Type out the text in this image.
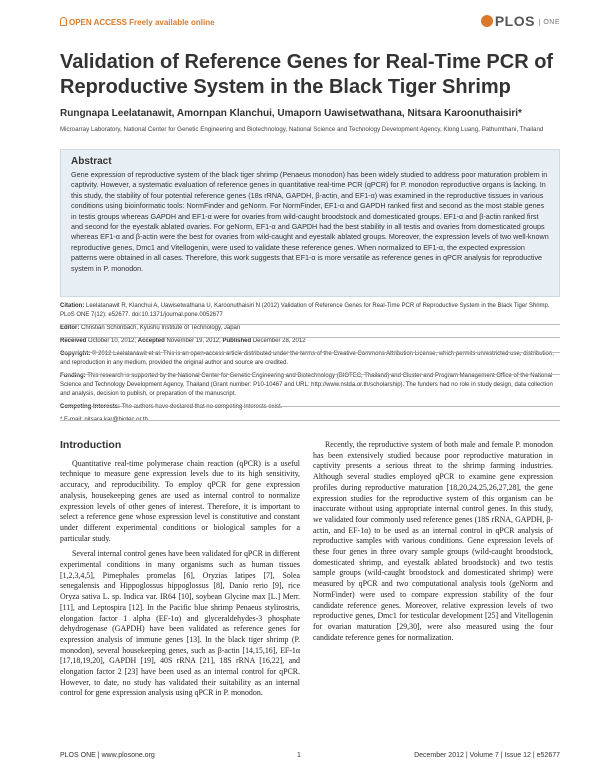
OPEN ACCESS Freely available online	PLOS ONE
Validation of Reference Genes for Real-Time PCR of Reproductive System in the Black Tiger Shrimp
Rungnapa Leelatanawit, Amornpan Klanchui, Umaporn Uawisetwathana, Nitsara Karoonuthaisiri*
Microarray Laboratory, National Center for Genetic Engineering and Biotechnology, National Science and Technology Development Agency, Klong Luang, Pathumthani, Thailand
Abstract

Gene expression of reproductive system of the black tiger shrimp (Penaeus monodon) has been widely studied to address poor maturation problem in captivity. However, a systematic evaluation of reference genes in quantitative real-time PCR (qPCR) for P. monodon reproductive organs is lacking. In this study, the stability of four potential reference genes (18s rRNA, GAPDH, β-actin, and EF1-α) was examined in the reproductive tissues in various conditions using bioinformatic tools: NormFinder and geNorm. For NormFinder, EF1-α and GAPDH ranked first and second as the most stable genes in testis groups whereas GAPDH and EF1-α were for ovaries from wild-caught broodstock and domesticated groups. EF1-α and β-actin ranked first and second for the eyestalk ablated ovaries. For geNorm, EF1-α and GAPDH had the best stability in all testis and ovaries from domesticated groups whereas EF1-α and β-actin were the best for ovaries from wild-caught and eyestalk ablated groups. Moreover, the expression levels of two well-known reproductive genes, Dmc1 and Vitellogenin, were used to validate these reference genes. When normalized to EF1-α, the expected expression patterns were obtained in all cases. Therefore, this work suggests that EF1-α is more versatile as reference genes in qPCR analysis for reproductive system in P. monodon.

Citation: Leelatanawit R, Klanchui A, Uawisetwathana U, Karoonuthaisiri N (2012) Validation of Reference Genes for Real-Time PCR of Reproductive System in the Black Tiger Shrimp. PLoS ONE 7(12): e52677. doi:10.1371/journal.pone.0052677

Editor: Christian Schönbach, Kyushu Institute of Technology, Japan

Received October 10, 2012; Accepted November 19, 2012; Published December 28, 2012

Copyright: © 2012 Leelatanawit et al. This is an open-access article distributed under the terms of the Creative Commons Attribution License, which permits unrestricted use, distribution, and reproduction in any medium, provided the original author and source are credited.

Funding: This research is supported by the National Center for Genetic Engineering and Biotechnology (BIOTEC, Thailand) and Cluster and Program Management Office of the National Science and Technology Development Agency, Thailand (Grant number: P10-10467 and URL: http://www.nstda.or.th/scholarship). The funders had no role in study design, data collection and analysis, decision to publish, or preparation of the manuscript.

Competing Interests: The authors have declared that no competing interests exist.

* E-mail: nitsara.kar@biotec.or.th

Introduction

Quantitative real-time polymerase chain reaction (qPCR) is a useful technique to measure gene expression levels due to its high sensitivity, accuracy, and reproducibility. To employ qPCR for gene expression analysis, housekeeping genes are used as internal control to normalize expression levels of other genes of interest. Therefore, it is important to select a reference gene whose expression level is constitutive and constant under different experimental conditions or biological samples for a particular study.

Several internal control genes have been validated for qPCR in different experimental conditions in many organisms such as human tissues [1,2,3,4,5], Pimephales promelas [6], Oryzias latipes [7], Solea senegalensis and Hippoglossus hippoglossus [8], Danio rerio [9], rice Oryza sativa L. sp. Indica var. IR64 [10], soybean Glycine max [L.] Merr. [11], and Leptospira [12]. In the Pacific blue shrimp Penaeus stylirostris, elongation factor 1 alpha (EF-1α) and glyceraldehydes-3 phosphate dehydrogenase (GAPDH) have been validated as reference genes for expression analysis of immune genes [13]. In the black tiger shrimp (P. monodon), several housekeeping genes, such as β-actin [14,15,16], EF-1α [17,18,19,20], GAPDH [19], 40S rRNA [21], 18S rRNA [16,22], and elongation factor 2 [23] have been used as an internal control for qPCR. However, to date, no study has validated their suitability as an internal control for gene expression analysis using qPCR in P. monodon.

Recently, the reproductive system of both male and female P. monodon has been extensively studied because poor reproductive maturation in captivity presents a serious threat to the shrimp farming industries. Although several studies employed qPCR to examine gene expression profiles during reproductive maturation [18,20,24,25,26,27,28], the gene expression studies for the reproductive system of this organism can be inaccurate without using appropriate internal control genes. In this study, we validated four commonly used reference genes (18S rRNA, GAPDH, β-actin, and EF-1α) to be used as an internal control in qPCR analysis of reproductive samples with various conditions. Gene expression levels of these four genes in three ovary sample groups (wild-caught broodstock, domesticated shrimp, and eyestalk ablated broodstock) and two testis sample groups (wild-caught broodstock and domesticated shrimp) were measured by qPCR and two computational analysis tools (geNorm and NormFinder) were used to compare expression stability of the four candidate reference genes. Moreover, relative expression levels of two reproductive genes, Dmc1 for testicular development [25] and Vitellogenin for ovarian maturation [29,30], were also measured using the four candidate reference genes for normalization.

PLOS ONE | www.plosone.org	1	December 2012 | Volume 7 | Issue 12 | e52677
